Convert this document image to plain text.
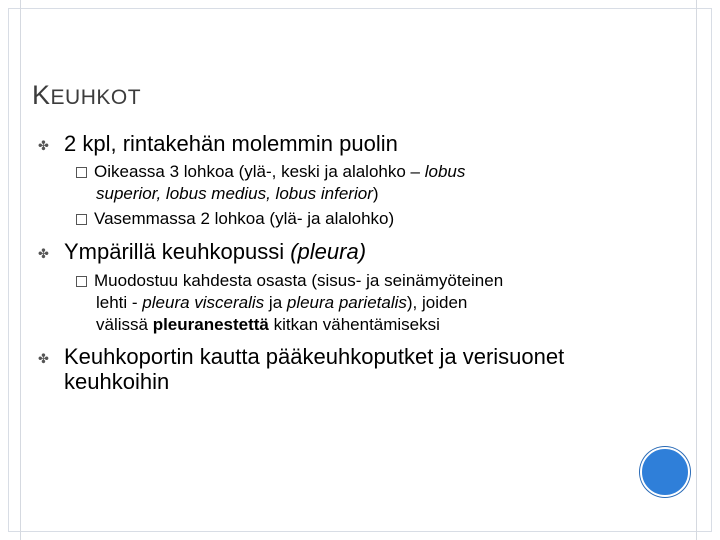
KEUHKOT
✤ 2 kpl, rintakehän molemmin puolin
Oikeassa 3 lohkoa (ylä-, keski ja alalohko – lobus
superior, lobus medius, lobus inferior)
Vasemmassa 2 lohkoa (ylä- ja alalohko)
✤ Ympärillä keuhkopussi (pleura)
Muodostuu kahdesta osasta (sisus- ja seinämyöteinen
lehti - pleura visceralis ja pleura parietalis), joiden
välissä pleuranestettä kitkan vähentämiseksi
✤ Keuhkoportin kautta pääkeuhkoputket ja verisuonet
keuhkoihin
